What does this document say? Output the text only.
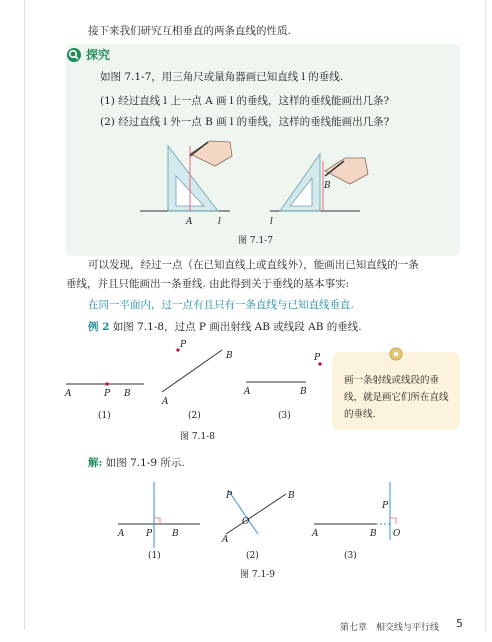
接下来我们研究互相垂直的两条直线的性质.
探究
如图 7.1-7，用三角尺或量角器画已知直线 l 的垂线.
(1) 经过直线 l 上一点 A 画 l 的垂线，这样的垂线能画出几条?
(2) 经过直线 l 外一点 B 画 l 的垂线，这样的垂线能画出几条?
A	l
B
l
图 7.1-7
可以发现，经过一点（在已知直线上或直线外），能画出已知直线的一条
垂线，并且只能画出一条垂线. 由此得到关于垂线的基本事实:
在同一平面内，过一点有且只有一条直线与已知直线垂直.
例 2 如图 7.1-8，过点 P 画出射线 AB 或线段 AB 的垂线.
A	P B
(1)
P
A
B
(2)
P
A	B
(3)
图 7.1-8
画一条射线或线段的垂线，就是画它们所在直线的垂线.
解: 如图 7.1-9 所示.
A P B
(1)
P
A
B
O
(2)
P
A	B O
(3)
图 7.1-9
第七章　相交线与平行线 5
